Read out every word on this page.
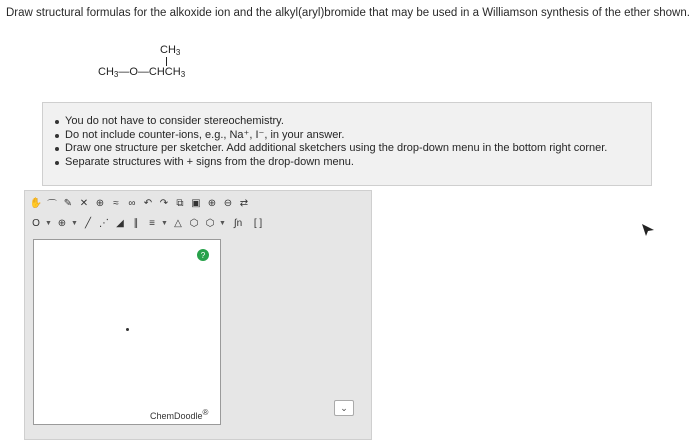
Draw structural formulas for the alkoxide ion and the alkyl(aryl)bromide that may be used in a Williamson synthesis of the ether shown.
$CH_3$
$CH_3—O—CHCH_3$
You do not have to consider stereochemistry.
Do not include counter-ions, e.g., Na⁺, I⁻, in your answer.
Draw one structure per sketcher. Add additional sketchers using the drop-down menu in the bottom right corner.
Separate structures with + signs from the drop-down menu.
✋ ⌒ ✎ ✕ ⊕ ≈ ∞ ↶ ↷ ⧉ ▣ ⊕ ⊖ ⇄
O ▼ ⊕ ▼ ╱ ⋰ ◢ ∥	≡ ▼ △ ⬡ ⬡ ▼ ∫n	[ ]
ChemDoodle®
?
⌄
